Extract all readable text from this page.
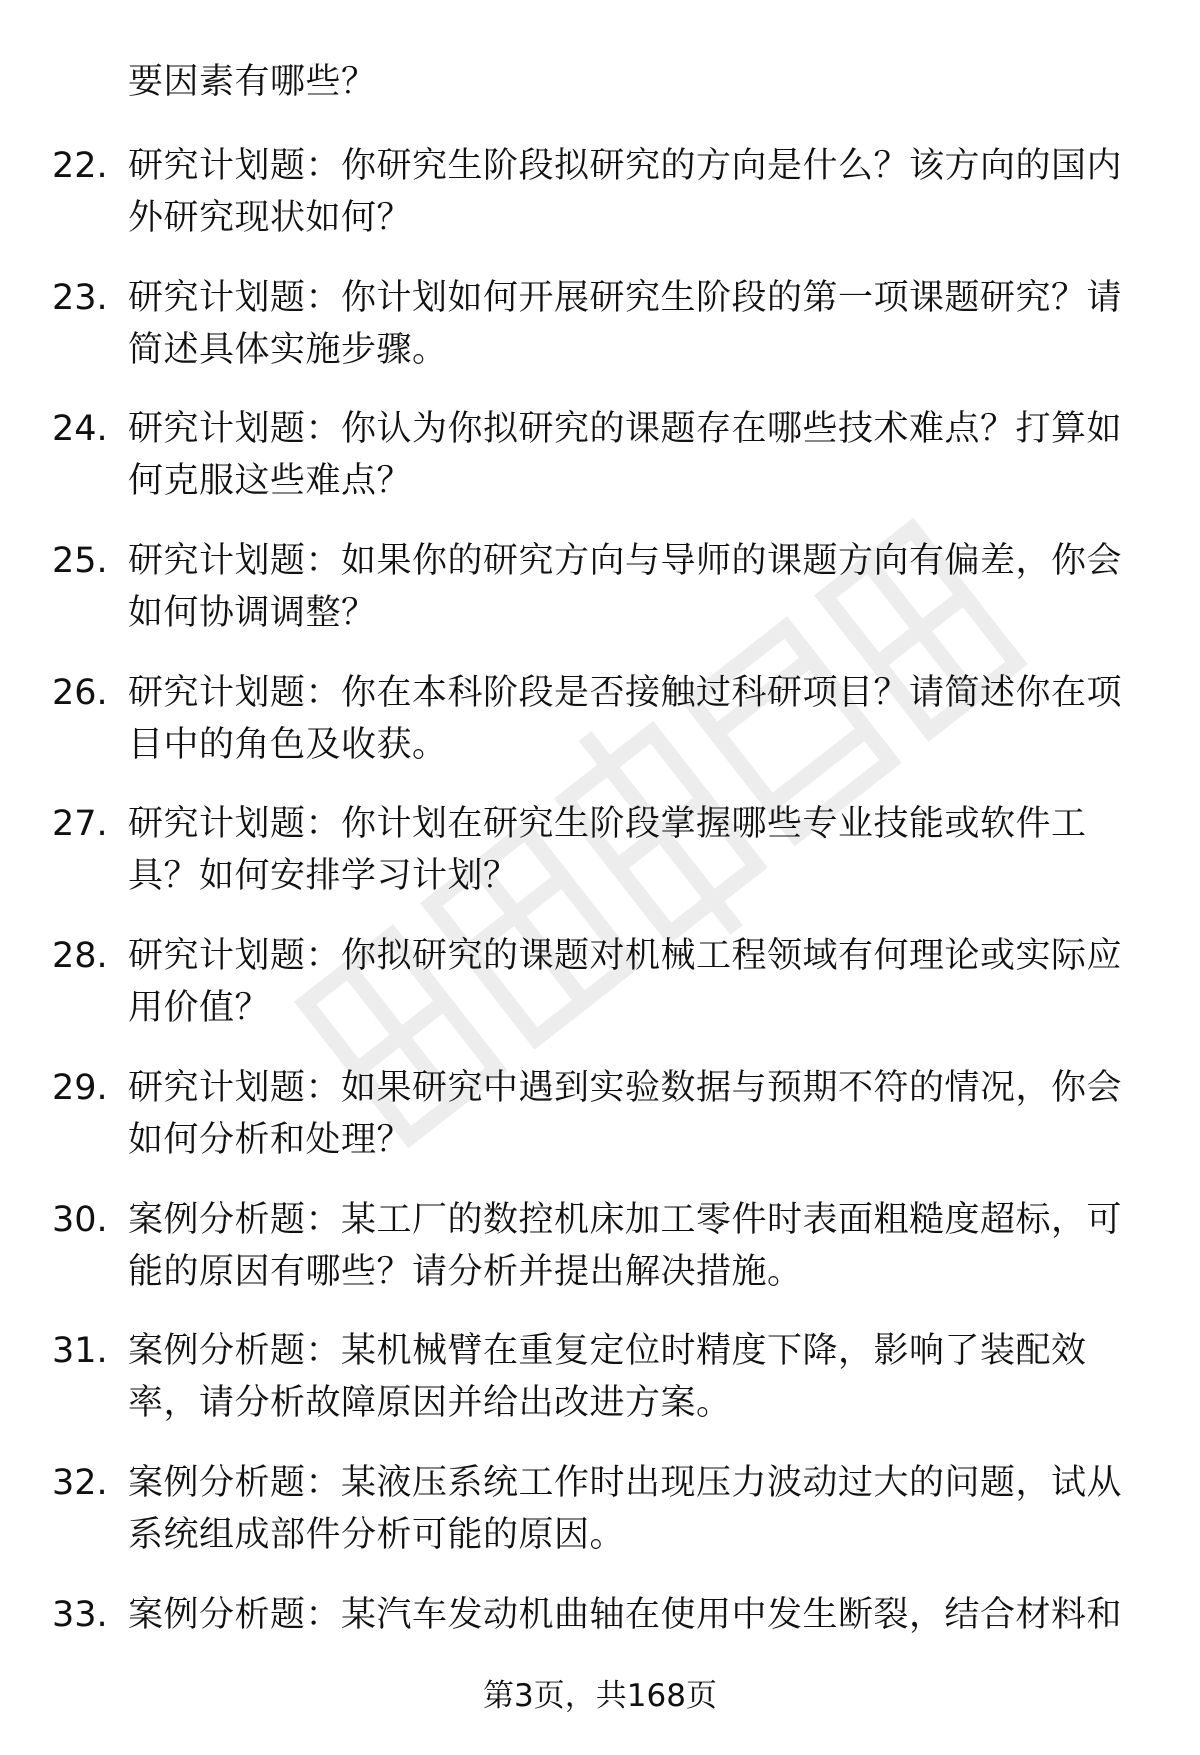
要因素有哪些？
22. 研究计划题：你研究生阶段拟研究的方向是什么？该方向的国内外研究现状如何？
23. 研究计划题：你计划如何开展研究生阶段的第一项课题研究？请简述具体实施步骤。
24. 研究计划题：你认为你拟研究的课题存在哪些技术难点？打算如何克服这些难点？
25. 研究计划题：如果你的研究方向与导师的课题方向有偏差，你会如何协调调整？
26. 研究计划题：你在本科阶段是否接触过科研项目？请简述你在项目中的角色及收获。
27. 研究计划题：你计划在研究生阶段掌握哪些专业技能或软件工具？如何安排学习计划？
28. 研究计划题：你拟研究的课题对机械工程领域有何理论或实际应用价值？
29. 研究计划题：如果研究中遇到实验数据与预期不符的情况，你会如何分析和处理？
30. 案例分析题：某工厂的数控机床加工零件时表面粗糙度超标，可能的原因有哪些？请分析并提出解决措施。
31. 案例分析题：某机械臂在重复定位时精度下降，影响了装配效率，请分析故障原因并给出改进方案。
32. 案例分析题：某液压系统工作时出现压力波动过大的问题，试从系统组成部件分析可能的原因。
33. 案例分析题：某汽车发动机曲轴在使用中发生断裂，结合材料和
第3页，共168页
